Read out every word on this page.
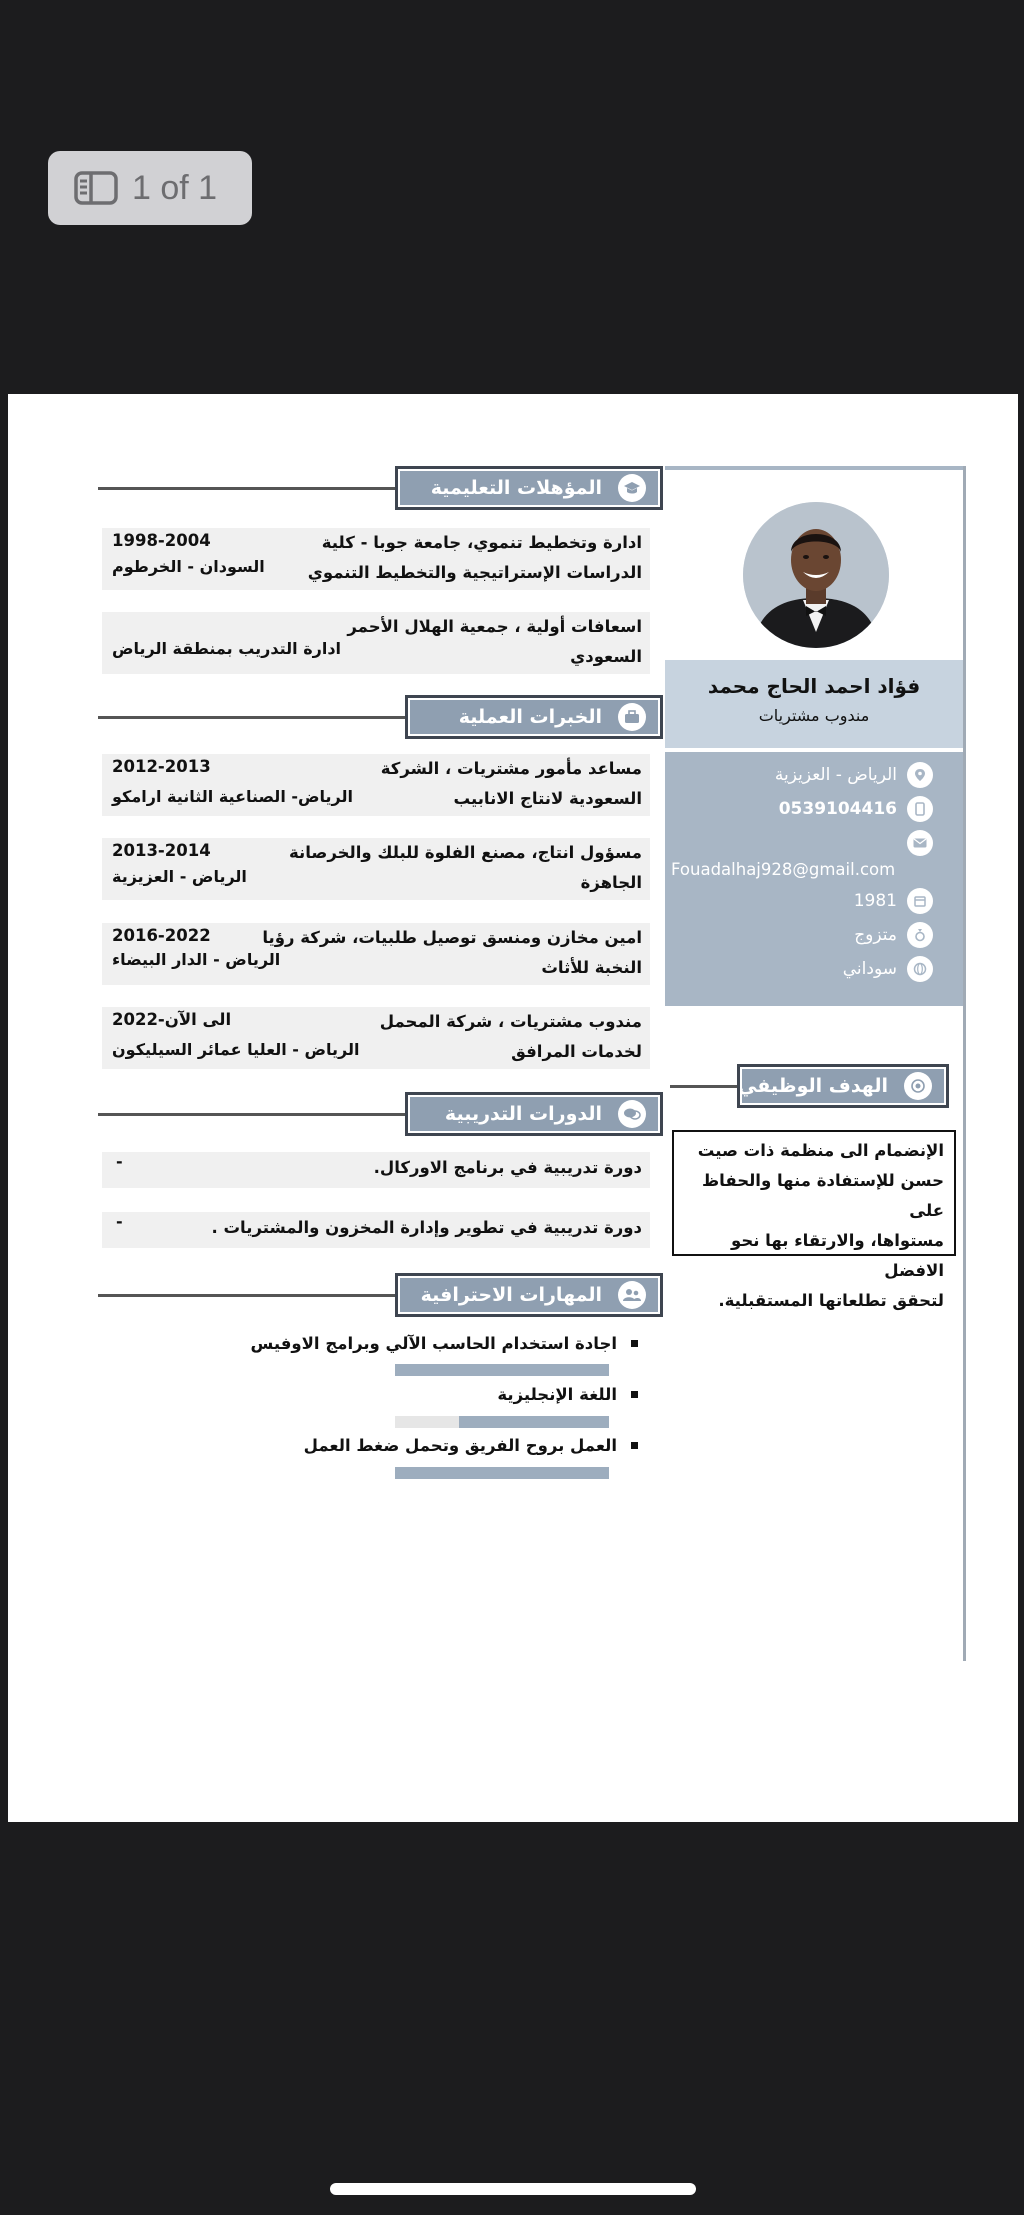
1 of 1
المؤهلات التعليمية
ادارة وتخطيط تنموي، جامعة جوبا - كلية
الدراسات الإستراتيجية والتخطيط التنموي
1998-2004
السودان - الخرطوم
اسعافات أولية ، جمعية الهلال الأحمر
السعودي
ادارة التدريب بمنطقة الرياض
الخبرات العملية
مساعد مأمور مشتريات ، الشركة
السعودية لانتاج الانابيب
2012-2013
الرياض- الصناعية الثانية ارامكو
مسؤول انتاج، مصنع الفلوة للبلك والخرصانة
الجاهزة
2013-2014
الرياض - العزيزية
امين مخازن ومنسق توصيل طلبيات، شركة رؤيا
النخبة للأثاث
2016-2022
الرياض - الدار البيضاء
مندوب مشتريات ، شركة المحمل
لخدمات المرافق
2022-الى الآن
الرياض - العليا عمائر السيليكون
الدورات التدريبية
دورة تدريبية في برنامج الاوركال.
-
دورة تدريبية في تطوير وإدارة المخزون والمشتريات .
-
المهارات الاحترافية
اجادة استخدام الحاسب الآلي وبرامج الاوفيس
اللغة الإنجليزية
العمل بروح الفريق وتحمل ضغط العمل
فؤاد احمد الحاج محمد
مندوب مشتريات
الرياض - العزيزية
0539104416
Fouadalhaj928@gmail.com
1981
متزوج
سوداني
الهدف الوظيفي
الإنضمام الى منظمة ذات صيت
حسن للإستفادة منها والحفاظ على
مستواها، والارتقاء بها نحو الافضل
لتحقق تطلعاتها المستقبلية.
